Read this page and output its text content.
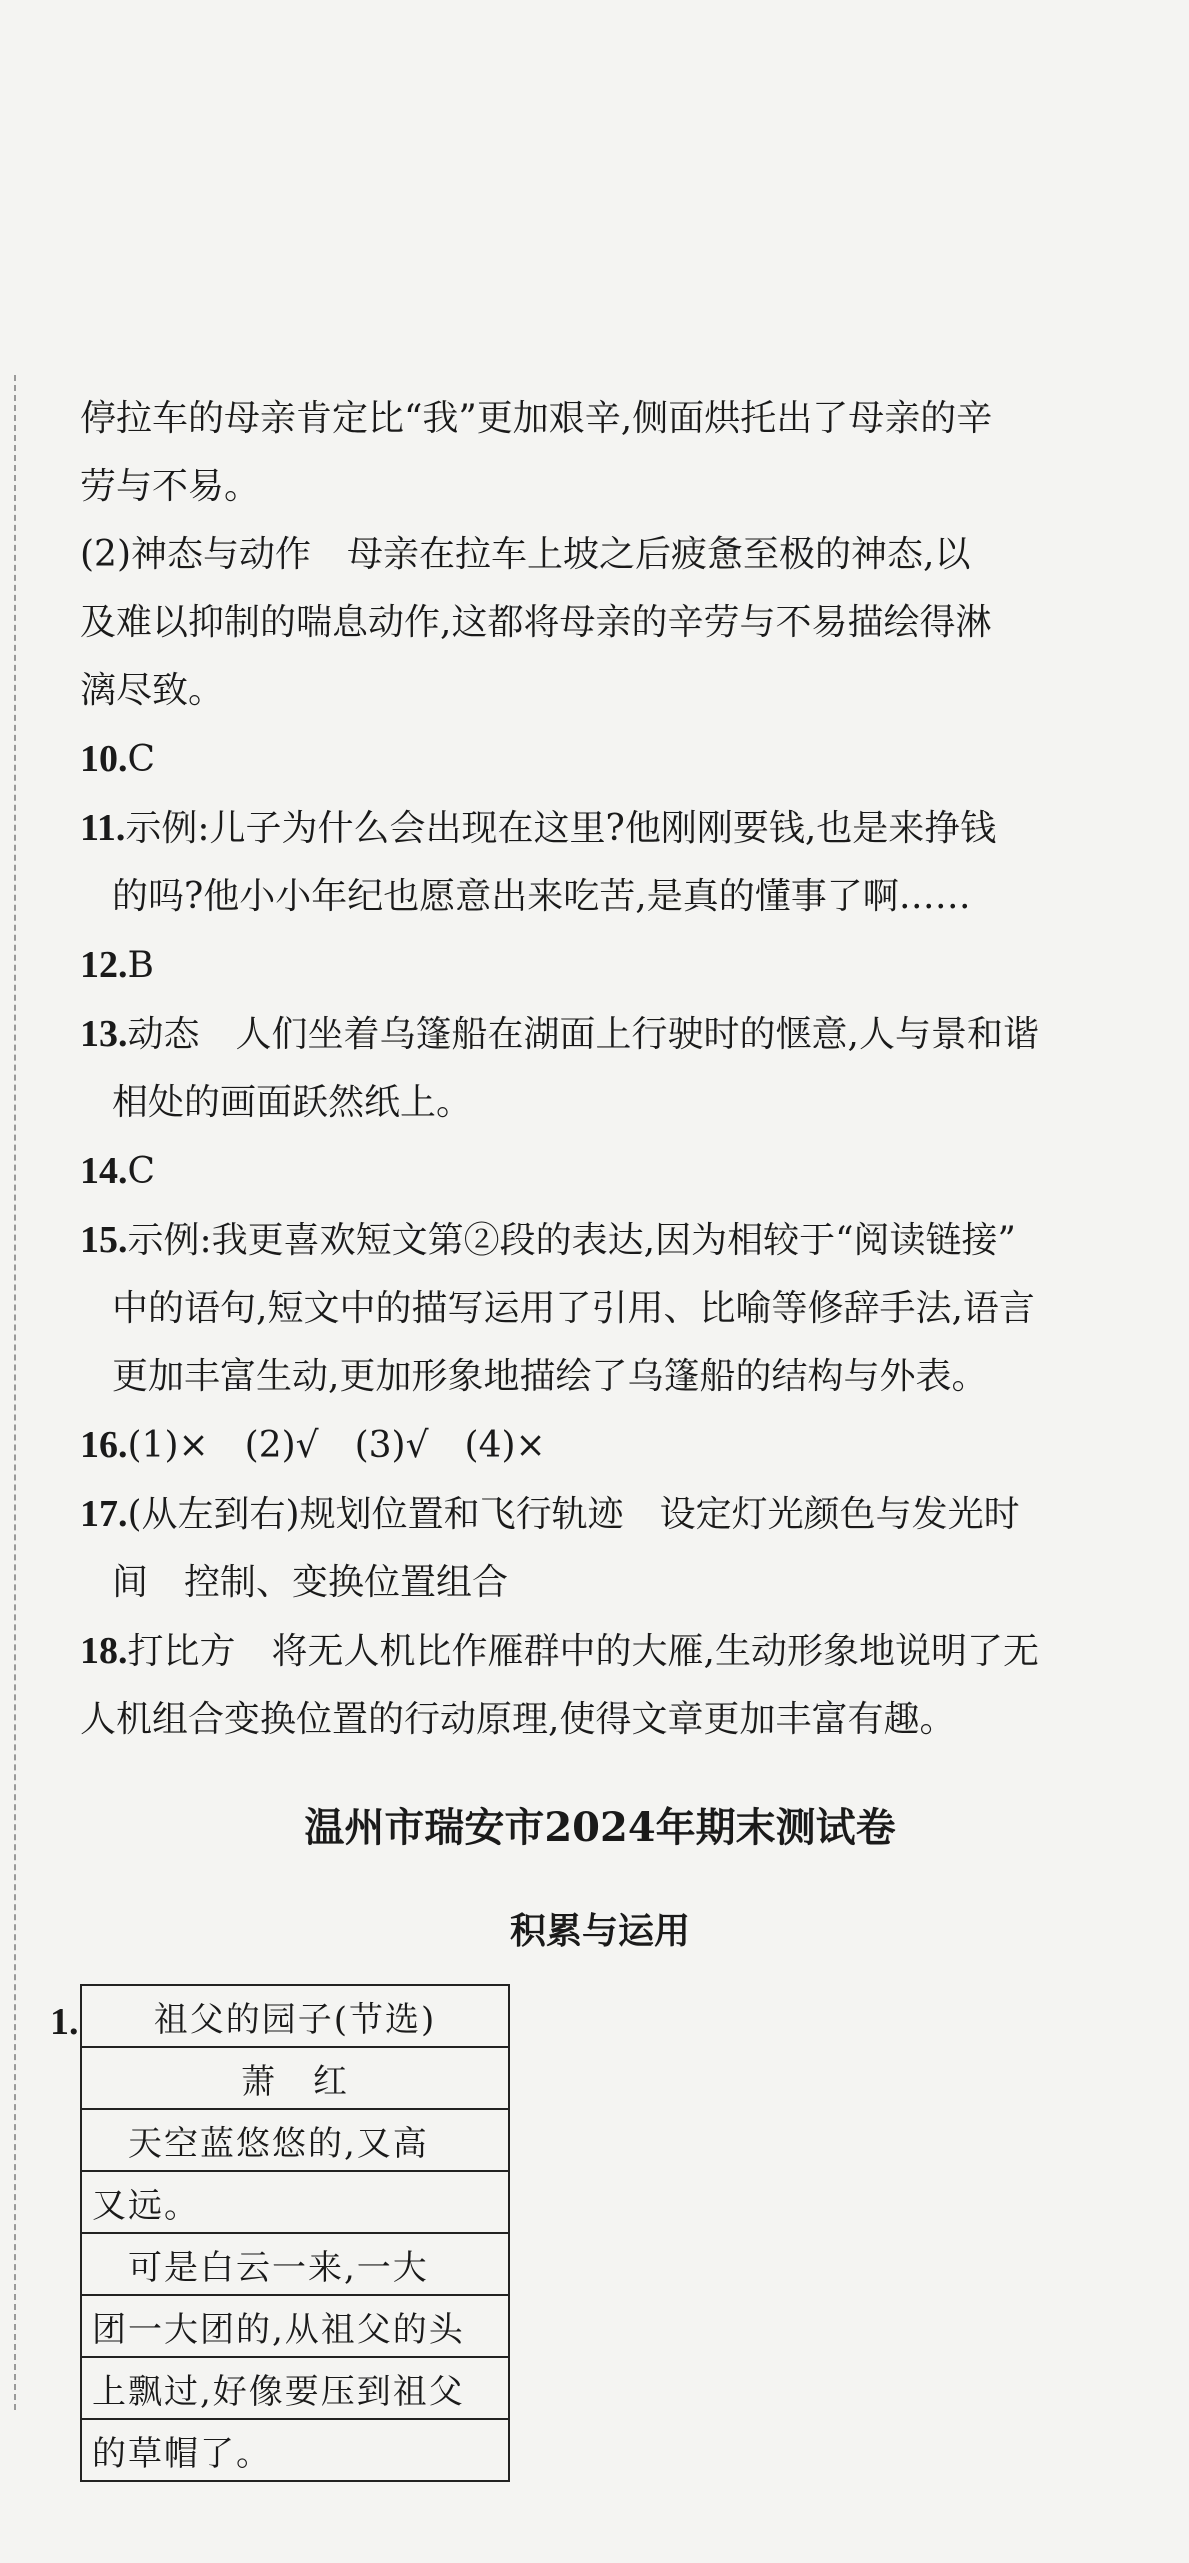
停拉车的母亲肯定比“我”更加艰辛,侧面烘托出了母亲的辛

劳与不易。

(2)神态与动作　母亲在拉车上坡之后疲惫至极的神态,以

及难以抑制的喘息动作,这都将母亲的辛劳与不易描绘得淋

漓尽致。

10.C

11.示例:儿子为什么会出现在这里?他刚刚要钱,也是来挣钱

的吗?他小小年纪也愿意出来吃苦,是真的懂事了啊……

12.B

13.动态　人们坐着乌篷船在湖面上行驶时的惬意,人与景和谐

相处的画面跃然纸上。

14.C

15.示例:我更喜欢短文第②段的表达,因为相较于“阅读链接”

中的语句,短文中的描写运用了引用、比喻等修辞手法,语言

更加丰富生动,更加形象地描绘了乌篷船的结构与外表。

16.(1)×　(2)√　(3)√　(4)×

17.(从左到右)规划位置和飞行轨迹　设定灯光颜色与发光时

间　控制、变换位置组合

18.打比方　将无人机比作雁群中的大雁,生动形象地说明了无

人机组合变换位置的行动原理,使得文章更加丰富有趣。

温州市瑞安市2024年期末测试卷
积累与运用
1. 祖父的园子(节选)
萧　红
　天空蓝悠悠的,又高
又远。
　可是白云一来,一大
团一大团的,从祖父的头
上飘过,好像要压到祖父
的草帽了。
